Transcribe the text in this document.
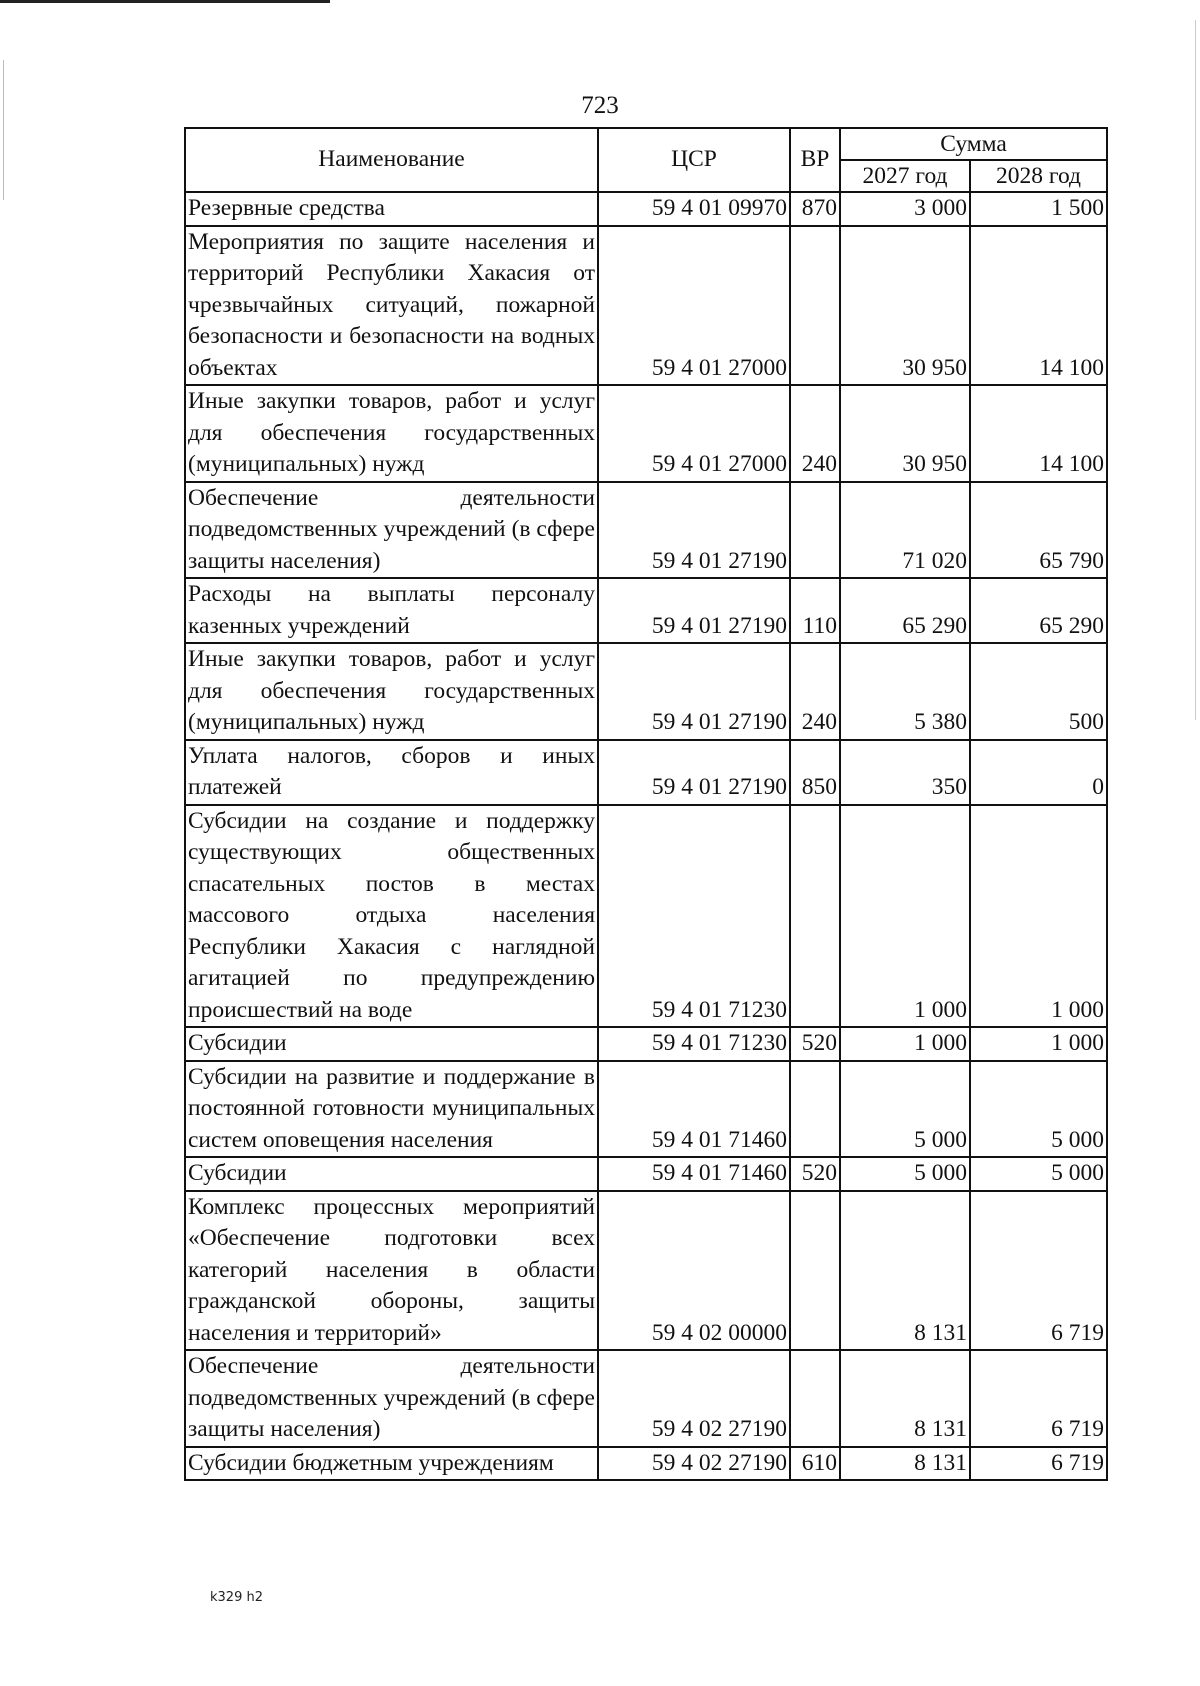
723
Наименование	ЦСР	ВР	Сумма	
			2027 год	2028 год
Резервные средства	59 4 01 09970	870	3 000	1 500
Мероприятия по защите населения и территорий Республики Хакасия от чрезвычайных ситуаций, пожарной безопасности и безопасности на водных объектах	59 4 01 27000		30 950	14 100
Иные закупки товаров, работ и услуг для обеспечения государственных (муниципальных) нужд	59 4 01 27000	240	30 950	14 100
Обеспечение деятельности подведомственных учреждений (в сфере защиты населения)	59 4 01 27190		71 020	65 790
Расходы на выплаты персоналу казенных учреждений	59 4 01 27190	110	65 290	65 290
Иные закупки товаров, работ и услуг для обеспечения государственных (муниципальных) нужд	59 4 01 27190	240	5 380	500
Уплата налогов, сборов и иных платежей	59 4 01 27190	850	350	0
Субсидии на создание и поддержку существующих общественных спасательных постов в местах массового отдыха населения Республики Хакасия с наглядной агитацией по предупреждению происшествий на воде	59 4 01 71230		1 000	1 000
Субсидии	59 4 01 71230	520	1 000	1 000
Субсидии на развитие и поддержание в постоянной готовности муниципальных систем оповещения населения	59 4 01 71460		5 000	5 000
Субсидии	59 4 01 71460	520	5 000	5 000
Комплекс процессных мероприятий «Обеспечение подготовки всех категорий населения в области гражданской обороны, защиты населения и территорий»	59 4 02 00000		8 131	6 719
Обеспечение деятельности подведомственных учреждений (в сфере защиты населения)	59 4 02 27190		8 131	6 719
Субсидии бюджетным учреждениям	59 4 02 27190	610	8 131	6 719
k329 h2
